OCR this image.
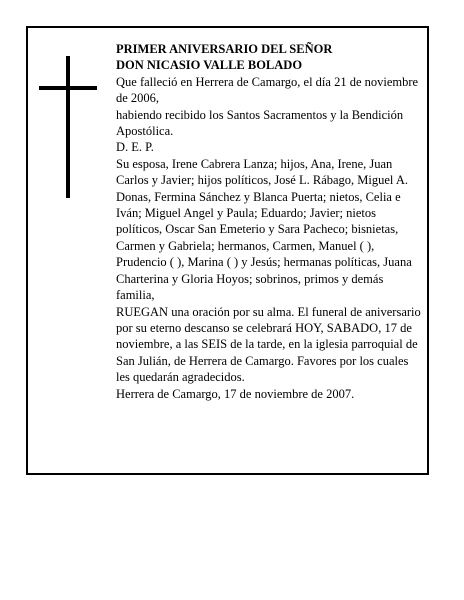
PRIMER ANIVERSARIO DEL SEÑOR

DON NICASIO VALLE BOLADO

Que falleció en Herrera de Camargo, el día 21 de noviembre de 2006,

habiendo recibido los Santos Sacramentos y la Bendición Apostólica.

D. E. P.

Su esposa, Irene Cabrera Lanza; hijos, Ana, Irene, Juan Carlos y Javier; hijos políticos, José L. Rábago, Miguel A. Donas, Fermina Sánchez y Blanca Puerta; nietos, Celia e Iván; Miguel Angel y Paula; Eduardo; Javier; nietos políticos, Oscar San Emeterio y Sara Pacheco; bisnietas, Carmen y Gabriela; hermanos, Carmen, Manuel ( ), Prudencio ( ), Marina ( ) y Jesús; hermanas políticas, Juana Charterina y Gloria Hoyos; sobrinos, primos y demás familia,

RUEGAN una oración por su alma. El funeral de aniversario por su eterno descanso se celebrará HOY, SABADO, 17 de noviembre, a las SEIS de la tarde, en la iglesia parroquial de San Julián, de Herrera de Camargo. Favores por los cuales les quedarán agradecidos.

Herrera de Camargo, 17 de noviembre de 2007.
